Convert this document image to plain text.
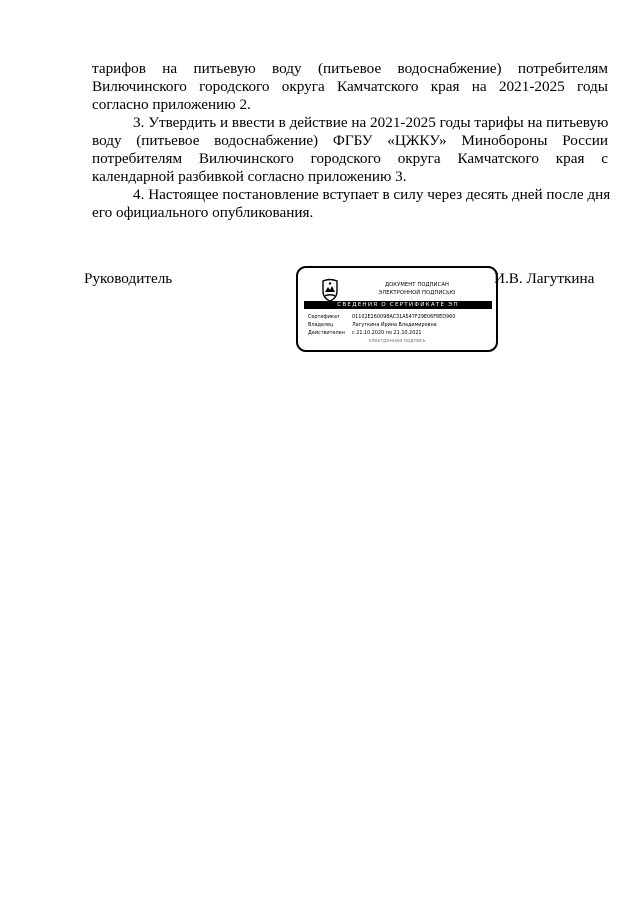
тарифов на питьевую воду (питьевое водоснабжение) потребителям
Вилючинского городского округа Камчатского края на 2021-2025 годы
согласно приложению 2.
3. Утвердить и ввести в действие на 2021-2025 годы тарифы на питьевую
воду (питьевое водоснабжение) ФГБУ «ЦЖКУ» Минобороны России
потребителям Вилючинского городского округа Камчатского края с
календарной разбивкой согласно приложению 3.
4. Настоящее постановление вступает в силу через десять дней после дня
его официального опубликования.
Руководитель	ДОКУМЕНТ ПОДПИСАН
ЭЛЕКТРОННОЙ ПОДПИСЬЮ
СВЕДЕНИЯ О СЕРТИФИКАТЕ ЭП
Сертификат	01102E260098AC31A547F29E06F8ED960
Владелец	Лагуткина Ирина Владимировна
Действителен с 21.10.2020 по 21.10.2021
электронная подпись
И.В. Лагуткина
